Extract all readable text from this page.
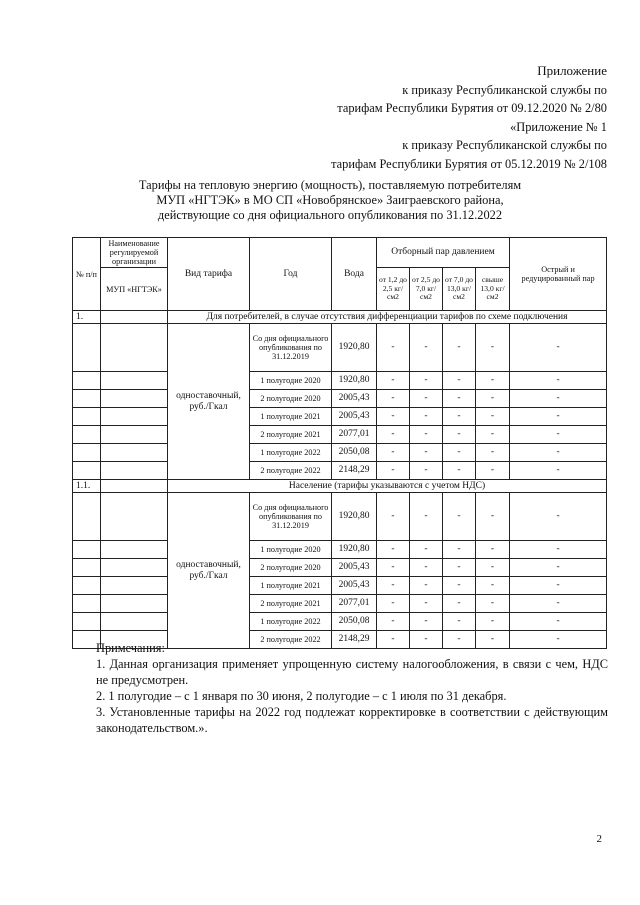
Приложение
к приказу Республиканской службы по
тарифам Республики Бурятия от 09.12.2020 № 2/80
«Приложение № 1
к приказу Республиканской службы по
тарифам Республики Бурятия от 05.12.2019 № 2/108
Тарифы на тепловую энергию (мощность), поставляемую потребителям
МУП «НГТЭК» в МО СП «Новобрянское» Заиграевского района,
действующие со дня официального опубликования по 31.12.2022
№ п/п	Наименование регулируемой организации	Вид тарифа	Год	Вода	Отборный пар давлением				Острый и редуцированный пар
	МУП «НГТЭК»				от 1,2 до 2,5 кг/см2	от 2,5 до 7,0 кг/см2	от 7,0 до 13,0 кг/см2	свыше 13,0 кг/см2	
1.		Для потребителей, в случае отсутствия дифференциации тарифов по схеме подключения							
		одноставочный, руб./Гкал	Со дня официального опубликования по 31.12.2019	1920,80	-	-	-	-	-
			1 полугодие 2020	1920,80	-	-	-	-	-
			2 полугодие 2020	2005,43	-	-	-	-	-
			1 полугодие 2021	2005,43	-	-	-	-	-
			2 полугодие 2021	2077,01	-	-	-	-	-
			1 полугодие 2022	2050,08	-	-	-	-	-
			2 полугодие 2022	2148,29	-	-	-	-	-
1.1.		Население (тарифы указываются с учетом НДС)							
		одноставочный, руб./Гкал	Со дня официального опубликования по 31.12.2019	1920,80	-	-	-	-	-
			1 полугодие 2020	1920,80	-	-	-	-	-
			2 полугодие 2020	2005,43	-	-	-	-	-
			1 полугодие 2021	2005,43	-	-	-	-	-
			2 полугодие 2021	2077,01	-	-	-	-	-
			1 полугодие 2022	2050,08	-	-	-	-	-
			2 полугодие 2022	2148,29	-	-	-	-	-

Примечания:

1. Данная организация применяет упрощенную систему налогообложения, в связи с чем, НДС не предусмотрен.

2. 1 полугодие – с 1 января по 30 июня, 2 полугодие – с 1 июля по 31 декабря.

3. Установленные тарифы на 2022 год подлежат корректировке в соответствии с действующим законодательством.».

2
